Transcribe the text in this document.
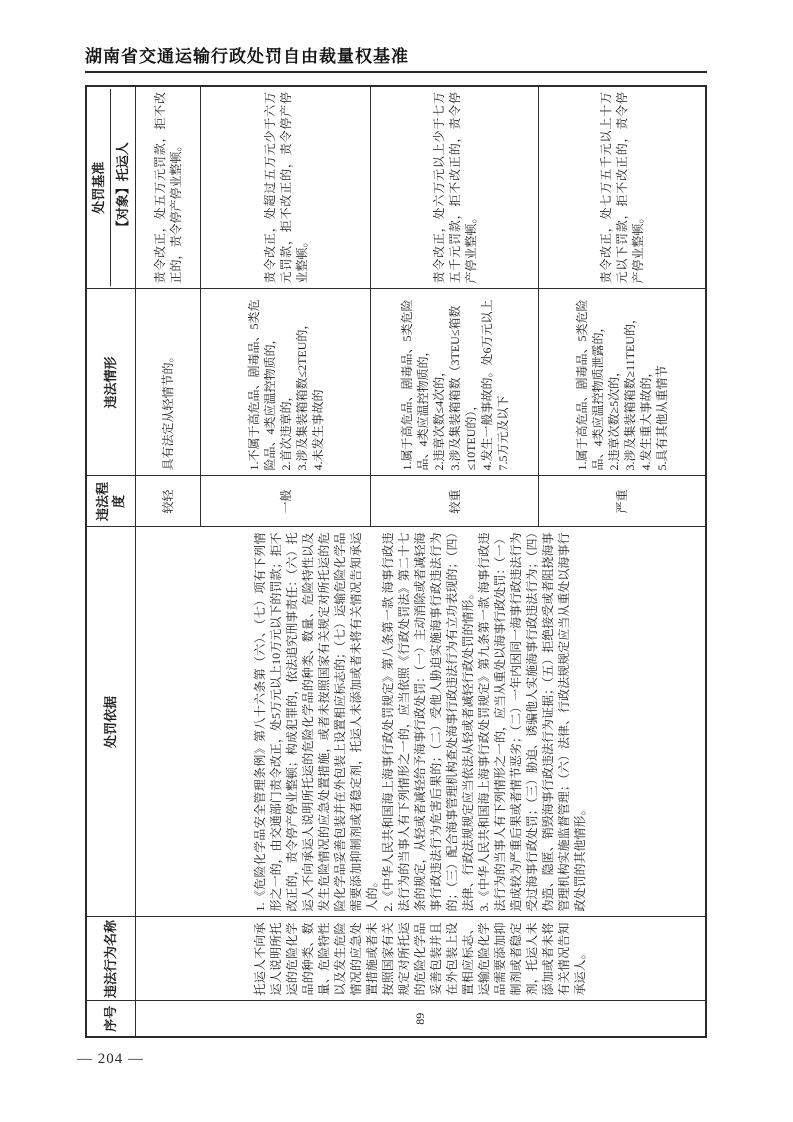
湖南省交通运输行政处罚自由裁量权基准
序号	违法行为名称	处罚依据	违法程度	违法情形	处罚基准 【对象】托运人

89	托运人不向承运人说明所托运的危险化学品的种类、数量、危险特性以及发生危险情况的应急处置措施或者未按照国家有关规定对所托运的危险化学品妥善包装并且在外包装上设置相应标志、运输危险化学品需要添加抑制剂或者稳定剂，托运人未添加或者未将有关情况告知承运人。	1.《危险化学品安全管理条例》第八十六条第（六）、（七）项有下列情形之一的，由交通部门责令改正，处5万元以上10万元以下的罚款；拒不改正的，责令停产停业整顿；构成犯罪的，依法追究刑事责任：（六）托运人不向承运人说明所托运的危险化学品的种类、数量、危险特性以及发生危险情况的应急处置措施，或者未按照国家有关规定对所托运的危险化学品妥善包装并在外包装上设置相应标志的；（七）运输危险化学品需要添加抑制剂或者稳定剂，托运人未添加或者未将有关情况告知承运人的。 2.《中华人民共和国海上海事行政处罚规定》第八条第一款 海事行政违法行为的当事人有下列情形之一的，应当依照《行政处罚法》第二十七条的规定，从轻或者减轻给予海事行政处罚：（一）主动消除或者减轻海事行政违法行为危害后果的；（二）受他人胁迫实施海事行政违法行为的；（三）配合海事管理机构查处海事行政违法行为有立功表现的；（四）法律、行政法规规定应当依法从轻或者减轻行政处罚的情形。 3.《中华人民共和国海上海事行政处罚规定》第九条第一款 海事行政违法行为的当事人有下列情形之一的，应当从重处以海事行政处罚：（一）造成较为严重后果或者情节恶劣；（二）一年内因同一海事行政违法行为受过海事行政处罚；（三）胁迫、诱骗他人实施海事行政违法行为；（四）伪造、隐匿、销毁海事行政违法行为证据；（五）拒绝接受或者阻挠海事管理机构实施监督管理；（六）法律、行政法规规定应当从重处以海事行政处罚的其他情形。	较轻	具有法定从轻情节的。	责令改正，处五万元罚款，拒不改正的，责令停产停业整顿。

			一般	1.不属于高危品、剧毒品、5类危险品、4类应温控物质的， 2.首次违章的， 3.涉及集装箱箱数≤2TEU的， 4.未发生事故的	责令改正，处超过五万元少于六万元罚款，拒不改正的，责令停产停业整顿。

			较重	1.属于高危品、剧毒品、5类危险品、4类应温控物质的， 2.违章次数≤4次的， 3.涉及集装箱箱数（3TEU≤箱数≤10TEU的）， 4.发生一般事故的。处6万元以上7.5万元及以下	责令改正，处六万元以上少于七万五千元罚款，拒不改正的，责令停产停业整顿。

			严重	1.属于高危品、剧毒品、5类危险品、4类应温控物质泄露的， 2.违章次数≥5次的， 3.涉及集装箱箱数≥11TEU的， 4.发生重大事故的， 5.具有其他从重情节	责令改正，处七万五千元以上十万元以下罚款，拒不改正的，责令停产停业整顿。
— 204 —
